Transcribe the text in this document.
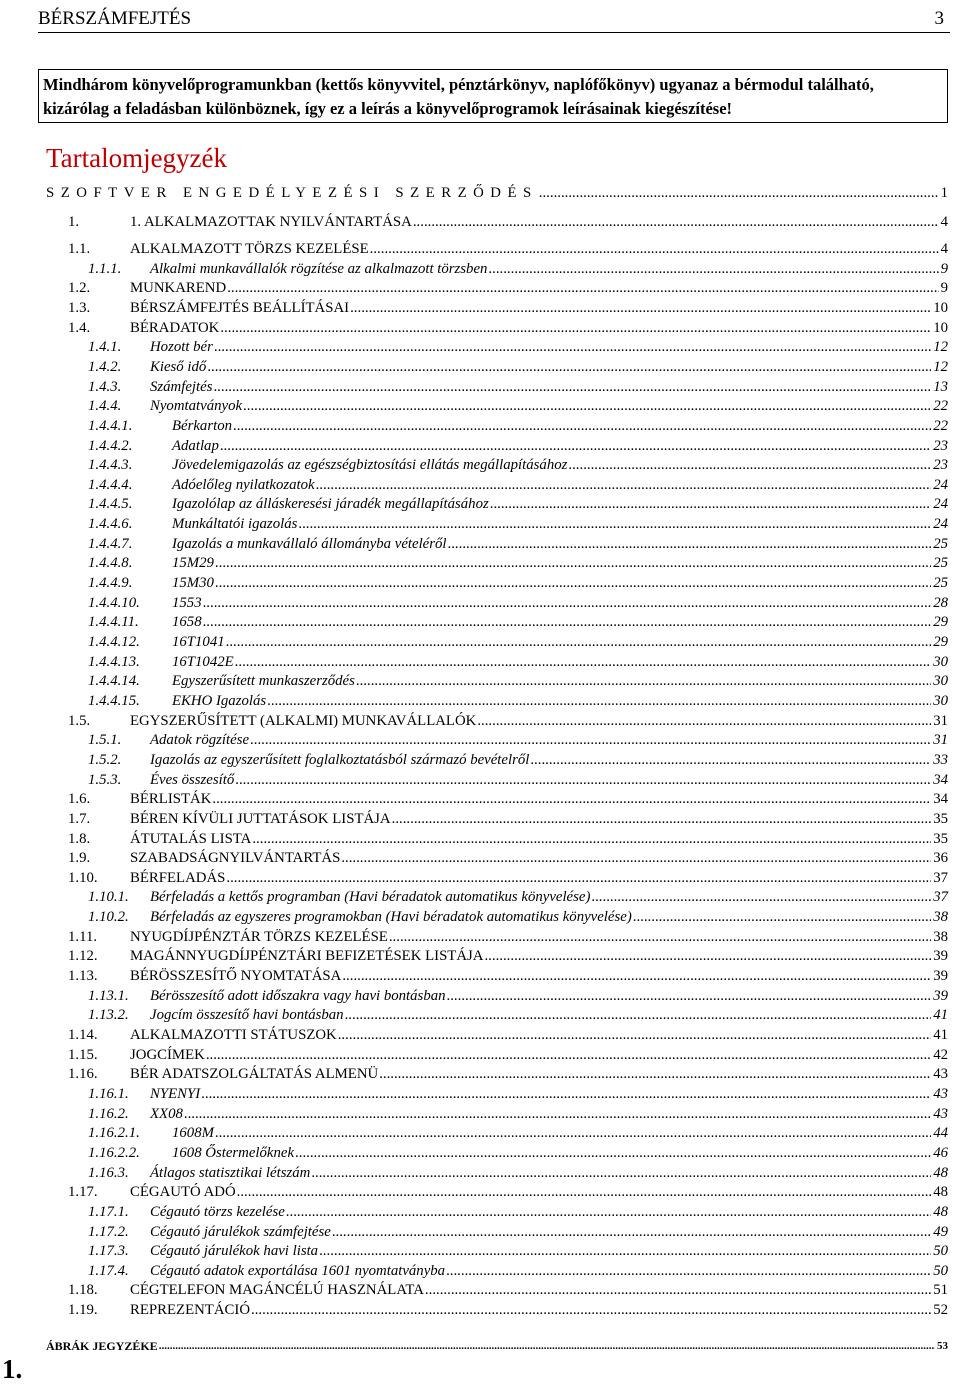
BÉRSZÁMFEJTÉS	3
Mindhárom könyvelőprogramunkban (kettős könyvvitel, pénztárkönyv, naplófőkönyv) ugyanaz a bérmodul található, kizárólag a feladásban különböznek, így ez a leírás a könyvelőprogramok leírásainak kiegészítése!
Tartalomjegyzék
SZOFTVER ENGEDÉLYEZÉSI SZERZŐDÉS .....	1
1.	1. ALKALMAZOTTAK NYILVÁNTARTÁSA .....	4
1.1.	ALKALMAZOTT TÖRZS KEZELÉSE .....	4
1.1.1. Alkalmi munkavállalók rögzítése az alkalmazott törzsben .....	9
1.2.	MUNKAREND .....	9
1.3.	BÉRSZÁMFEJTÉS BEÁLLÍTÁSAI .....	10
1.4.	BÉRADATOK .....	10
1.4.1. Hozott bér .....	12
1.4.2. Kieső idő .....	12
1.4.3. Számfejtés .....	13
1.4.4. Nyomtatványok .....	22
1.4.4.1.	Bérkarton .....	22
1.4.4.2.	Adatlap .....	23
1.4.4.3.	Jövedelemigazolás az egészségbiztosítási ellátás megállapításához .....	23
1.4.4.4.	Adóelőleg nyilatkozatok .....	24
1.4.4.5.	Igazolólap az álláskeresési járadék megállapításához .....	24
1.4.4.6.	Munkáltatói igazolás .....	24
1.4.4.7.	Igazolás a munkavállaló állományba vételéről .....	25
1.4.4.8.	15M29 .....	25
1.4.4.9.	15M30 .....	25
1.4.4.10. 1553 .....	28
1.4.4.11. 1658 .....	29
1.4.4.12. 16T1041 .....	29
1.4.4.13. 16T1042E .....	30
1.4.4.14. Egyszerűsített munkaszerződés .....	30
1.4.4.15. EKHO Igazolás .....	30
1.5.	EGYSZERŰSÍTETT (ALKALMI) MUNKAVÁLLALÓK .....	31
1.5.1. Adatok rögzítése .....	31
1.5.2. Igazolás az egyszerűsített foglalkoztatásból származó bevételről .....	33
1.5.3. Éves összesítő .....	34
1.6.	BÉRLISTÁK .....	34
1.7.	BÉREN KÍVÜLI JUTTATÁSOK LISTÁJA .....	35
1.8.	ÁTUTALÁS LISTA .....	35
1.9.	SZABADSÁGNYILVÁNTARTÁS .....	36
1.10. BÉRFELADÁS .....	37
1.10.1. Bérfeladás a kettős programban (Havi béradatok automatikus könyvelése) .....	37
1.10.2. Bérfeladás az egyszeres programokban (Havi béradatok automatikus könyvelése) .....	38
1.11. NYUGDÍJPÉNZTÁR TÖRZS KEZELÉSE .....	38
1.12. MAGÁNNYUGDÍJPÉNZTÁRI BEFIZETÉSEK LISTÁJA .....	39
1.13. BÉRÖSSZESÍTŐ NYOMTATÁSA .....	39
1.13.1. Bérösszesítő adott időszakra vagy havi bontásban .....	39
1.13.2. Jogcím összesítő havi bontásban .....	41
1.14. ALKALMAZOTTI STÁTUSZOK .....	41
1.15. JOGCÍMEK .....	42
1.16. BÉR ADATSZOLGÁLTATÁS ALMENÜ .....	43
1.16.1. NYENYI .....	43
1.16.2. XX08 .....	43
1.16.2.1. 1608M .....	44
1.16.2.2. 1608 Őstermelőknek .....	46
1.16.3. Átlagos statisztikai létszám .....	48
1.17. CÉGAUTÓ ADÓ .....	48
1.17.1. Cégautó törzs kezelése .....	48
1.17.2. Cégautó járulékok számfejtése .....	49
1.17.3. Cégautó járulékok havi lista .....	50
1.17.4. Cégautó adatok exportálása 1601 nyomtatványba .....	50
1.18. CÉGTELEFON MAGÁNCÉLÚ HASZNÁLATA .....	51
1.19. REPREZENTÁCIÓ .....	52
ÁBRÁK JEGYZÉKE .....	53
1.
